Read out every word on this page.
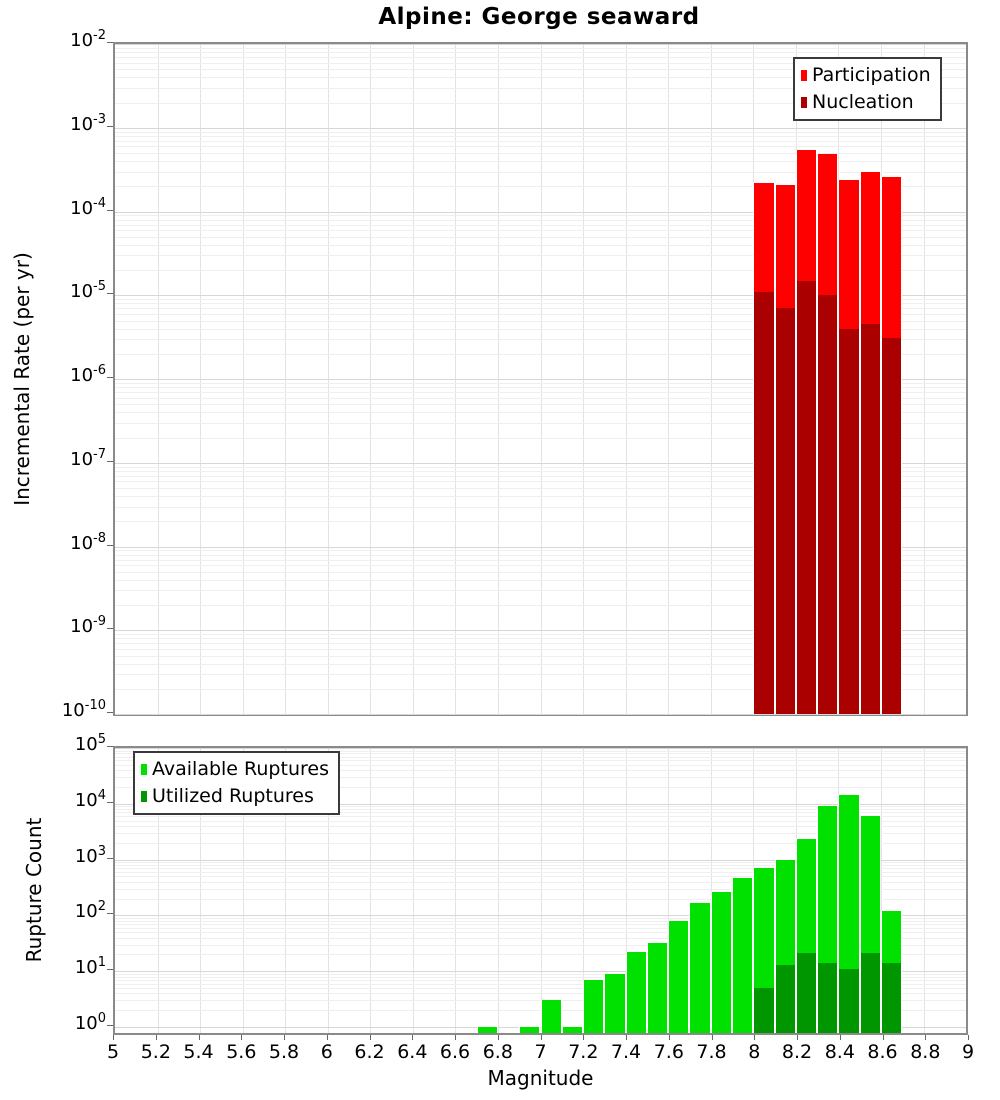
Alpine: George seaward
Participation
Nucleation
Available Ruptures
Utilized Ruptures
Incremental Rate (per yr)
Rupture Count
Magnitude
$10^{-2}$
$10^{-3}$
$10^{-4}$
$10^{-5}$
$10^{-6}$
$10^{-7}$
$10^{-8}$
$10^{-9}$
$10^{-10}$
$10^5$
$10^4$
$10^3$
$10^2$
$10^1$
$10^0$
5	5.2 5.4 5.6 5.8	6	6.2 6.4 6.6 6.8	7	7.2 7.4 7.6 7.8	8	8.2 8.4 8.6 8.8	9
